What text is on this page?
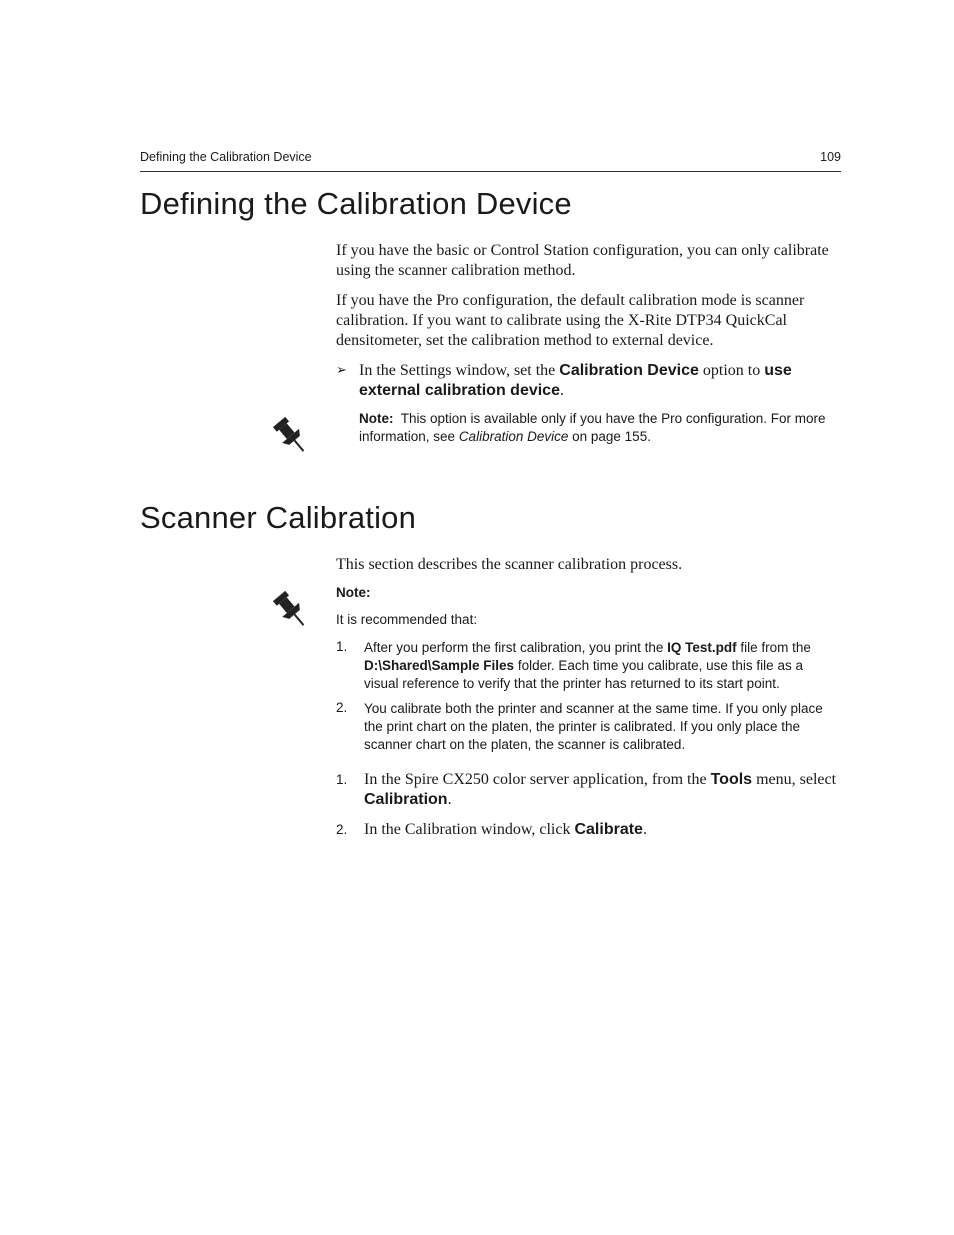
Defining the Calibration Device	109
Defining the Calibration Device
If you have the basic or Control Station configuration, you can only calibrate using the scanner calibration method.
If you have the Pro configuration, the default calibration mode is scanner calibration. If you want to calibrate using the X-Rite DTP34 QuickCal densitometer, set the calibration method to external device.
➢ In the Settings window, set the Calibration Device option to use external calibration device.
Note:  This option is available only if you have the Pro configuration. For more information, see Calibration Device on page 155.
Scanner Calibration
This section describes the scanner calibration process.
Note:
It is recommended that:
1. After you perform the first calibration, you print the IQ Test.pdf file from the D:\Shared\Sample Files folder. Each time you calibrate, use this file as a visual reference to verify that the printer has returned to its start point.
2. You calibrate both the printer and scanner at the same time. If you only place the print chart on the platen, the printer is calibrated. If you only place the scanner chart on the platen, the scanner is calibrated.
1. In the Spire CX250 color server application, from the Tools menu, select Calibration.
2. In the Calibration window, click Calibrate.
